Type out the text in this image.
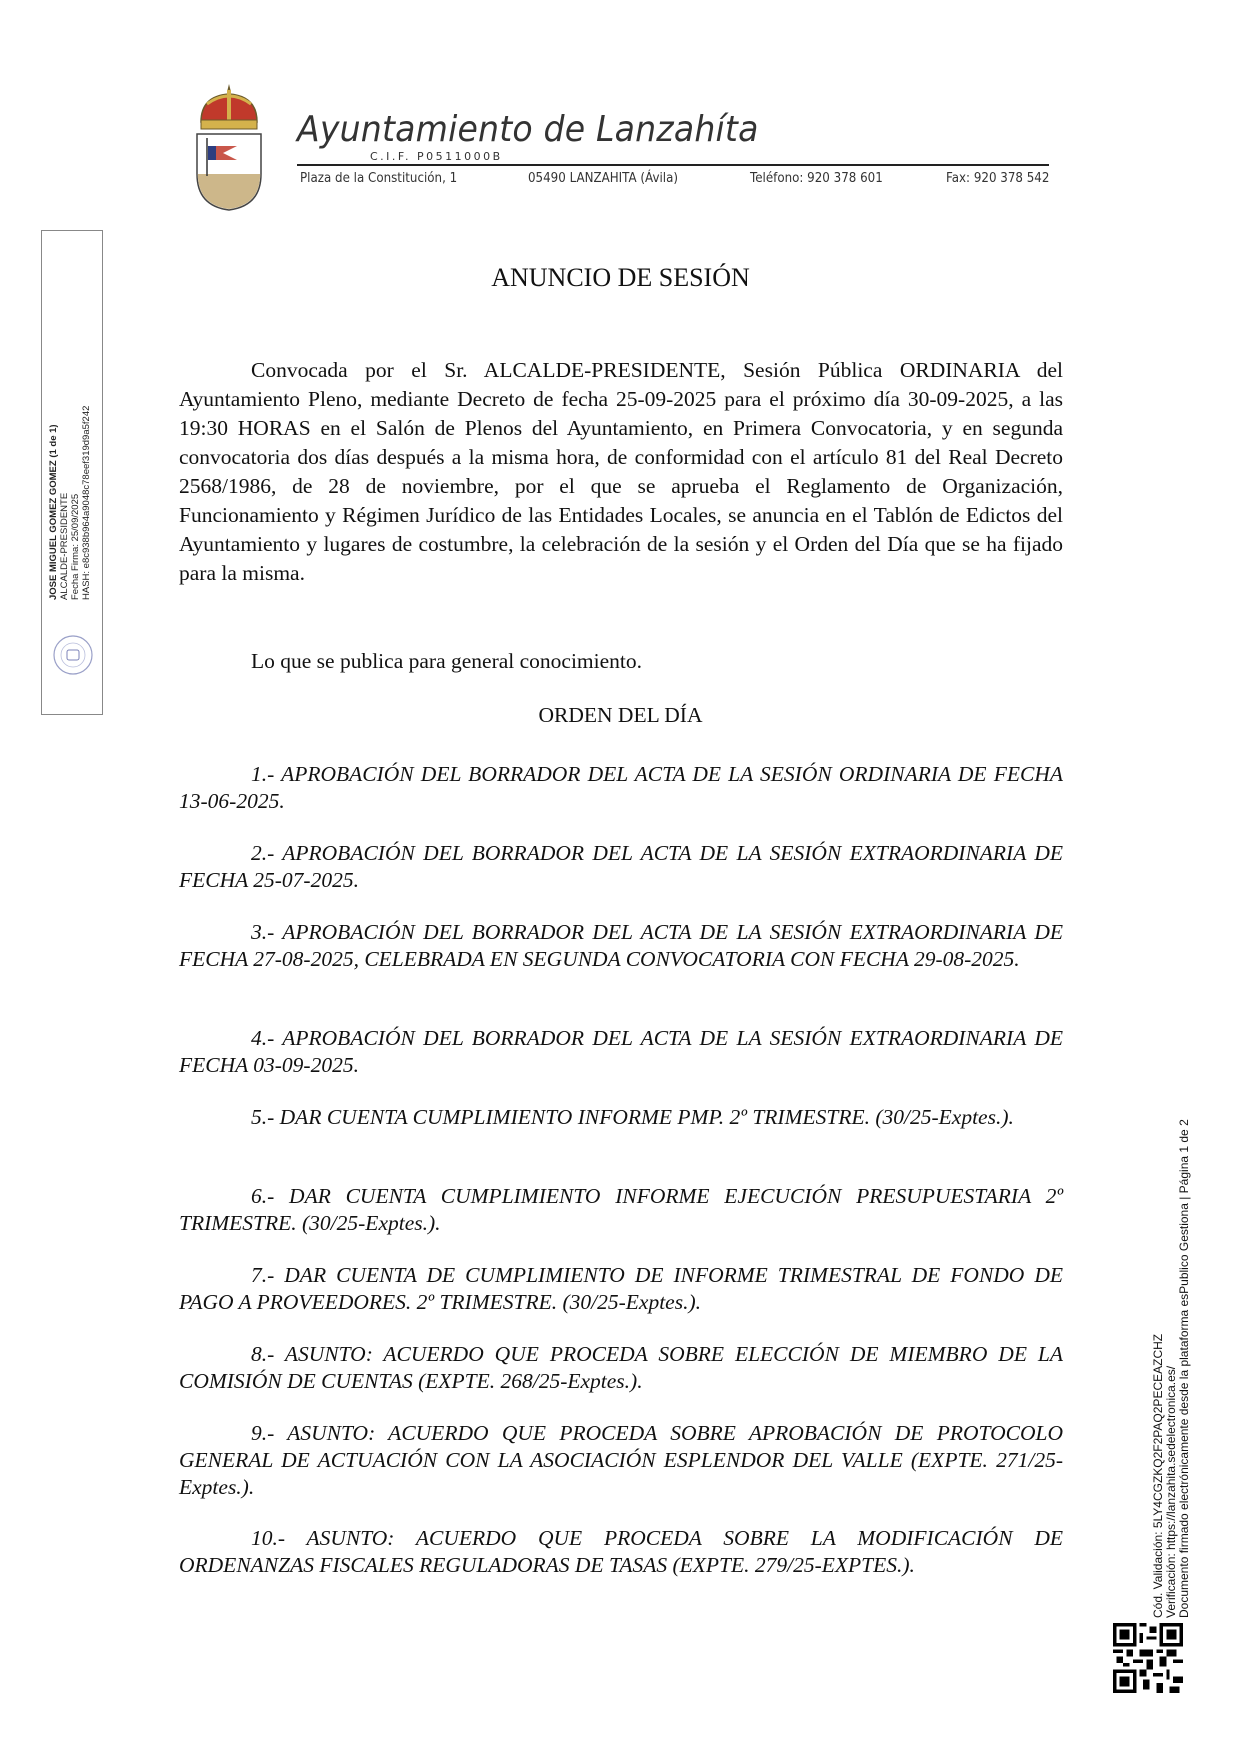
Ayuntamiento de Lanzahíta
C.I.F. P0511000B
Plaza de la Constitución, 1	05490 LANZAHITA (Ávila)	Teléfono: 920 378 601	Fax: 920 378 542
JOSE MIGUEL GOMEZ GOMEZ (1 de 1) ALCALDE-PRESIDENTE Fecha Firma: 25/09/2025 HASH: e8c938b964a9048c78eef319d9a5f242
Cód. Validación: 5LY4CGZKQ2F2PAQ2PECEAZCHZ Verificación: https://lanzahita.sedelectronica.es/ Documento firmado electrónicamente desde la plataforma esPublico Gestiona | Página 1 de 2
ANUNCIO DE SESIÓN

Convocada por el Sr. ALCALDE-PRESIDENTE, Sesión Pública ORDINARIA del Ayuntamiento Pleno, mediante Decreto de fecha 25-09-2025 para el próximo día 30-09-2025, a las 19:30 HORAS en el Salón de Plenos del Ayuntamiento, en Primera Convocatoria, y en segunda convocatoria dos días después a la misma hora, de conformidad con el artículo 81 del Real Decreto 2568/1986, de 28 de noviembre, por el que se aprueba el Reglamento de Organización, Funcionamiento y Régimen Jurídico de las Entidades Locales, se anuncia en el Tablón de Edictos del Ayuntamiento y lugares de costumbre, la celebración de la sesión y el Orden del Día que se ha fijado para la misma.

Lo que se publica para general conocimiento.

ORDEN DEL DÍA

1.- APROBACIÓN DEL BORRADOR DEL ACTA DE LA SESIÓN ORDINARIA DE FECHA 13-06-2025.

2.- APROBACIÓN DEL BORRADOR DEL ACTA DE LA SESIÓN EXTRAORDINARIA DE FECHA 25-07-2025.

3.- APROBACIÓN DEL BORRADOR DEL ACTA DE LA SESIÓN EXTRAORDINARIA DE FECHA 27-08-2025, CELEBRADA EN SEGUNDA CONVOCATORIA CON FECHA 29-08-2025.

4.- APROBACIÓN DEL BORRADOR DEL ACTA DE LA SESIÓN EXTRAORDINARIA DE FECHA 03-09-2025.

5.- DAR CUENTA CUMPLIMIENTO INFORME PMP. 2º TRIMESTRE. (30/25-Exptes.).

6.- DAR CUENTA CUMPLIMIENTO INFORME EJECUCIÓN PRESUPUESTARIA 2º TRIMESTRE. (30/25-Exptes.).

7.- DAR CUENTA DE CUMPLIMIENTO DE INFORME TRIMESTRAL DE FONDO DE PAGO A PROVEEDORES. 2º TRIMESTRE. (30/25-Exptes.).

8.- ASUNTO: ACUERDO QUE PROCEDA SOBRE ELECCIÓN DE MIEMBRO DE LA COMISIÓN DE CUENTAS (EXPTE. 268/25-Exptes.).

9.- ASUNTO: ACUERDO QUE PROCEDA SOBRE APROBACIÓN DE PROTOCOLO GENERAL DE ACTUACIÓN CON LA ASOCIACIÓN ESPLENDOR DEL VALLE (EXPTE. 271/25-Exptes.).

10.- ASUNTO: ACUERDO QUE PROCEDA SOBRE LA MODIFICACIÓN DE ORDENANZAS FISCALES REGULADORAS DE TASAS (EXPTE. 279/25-EXPTES.).
